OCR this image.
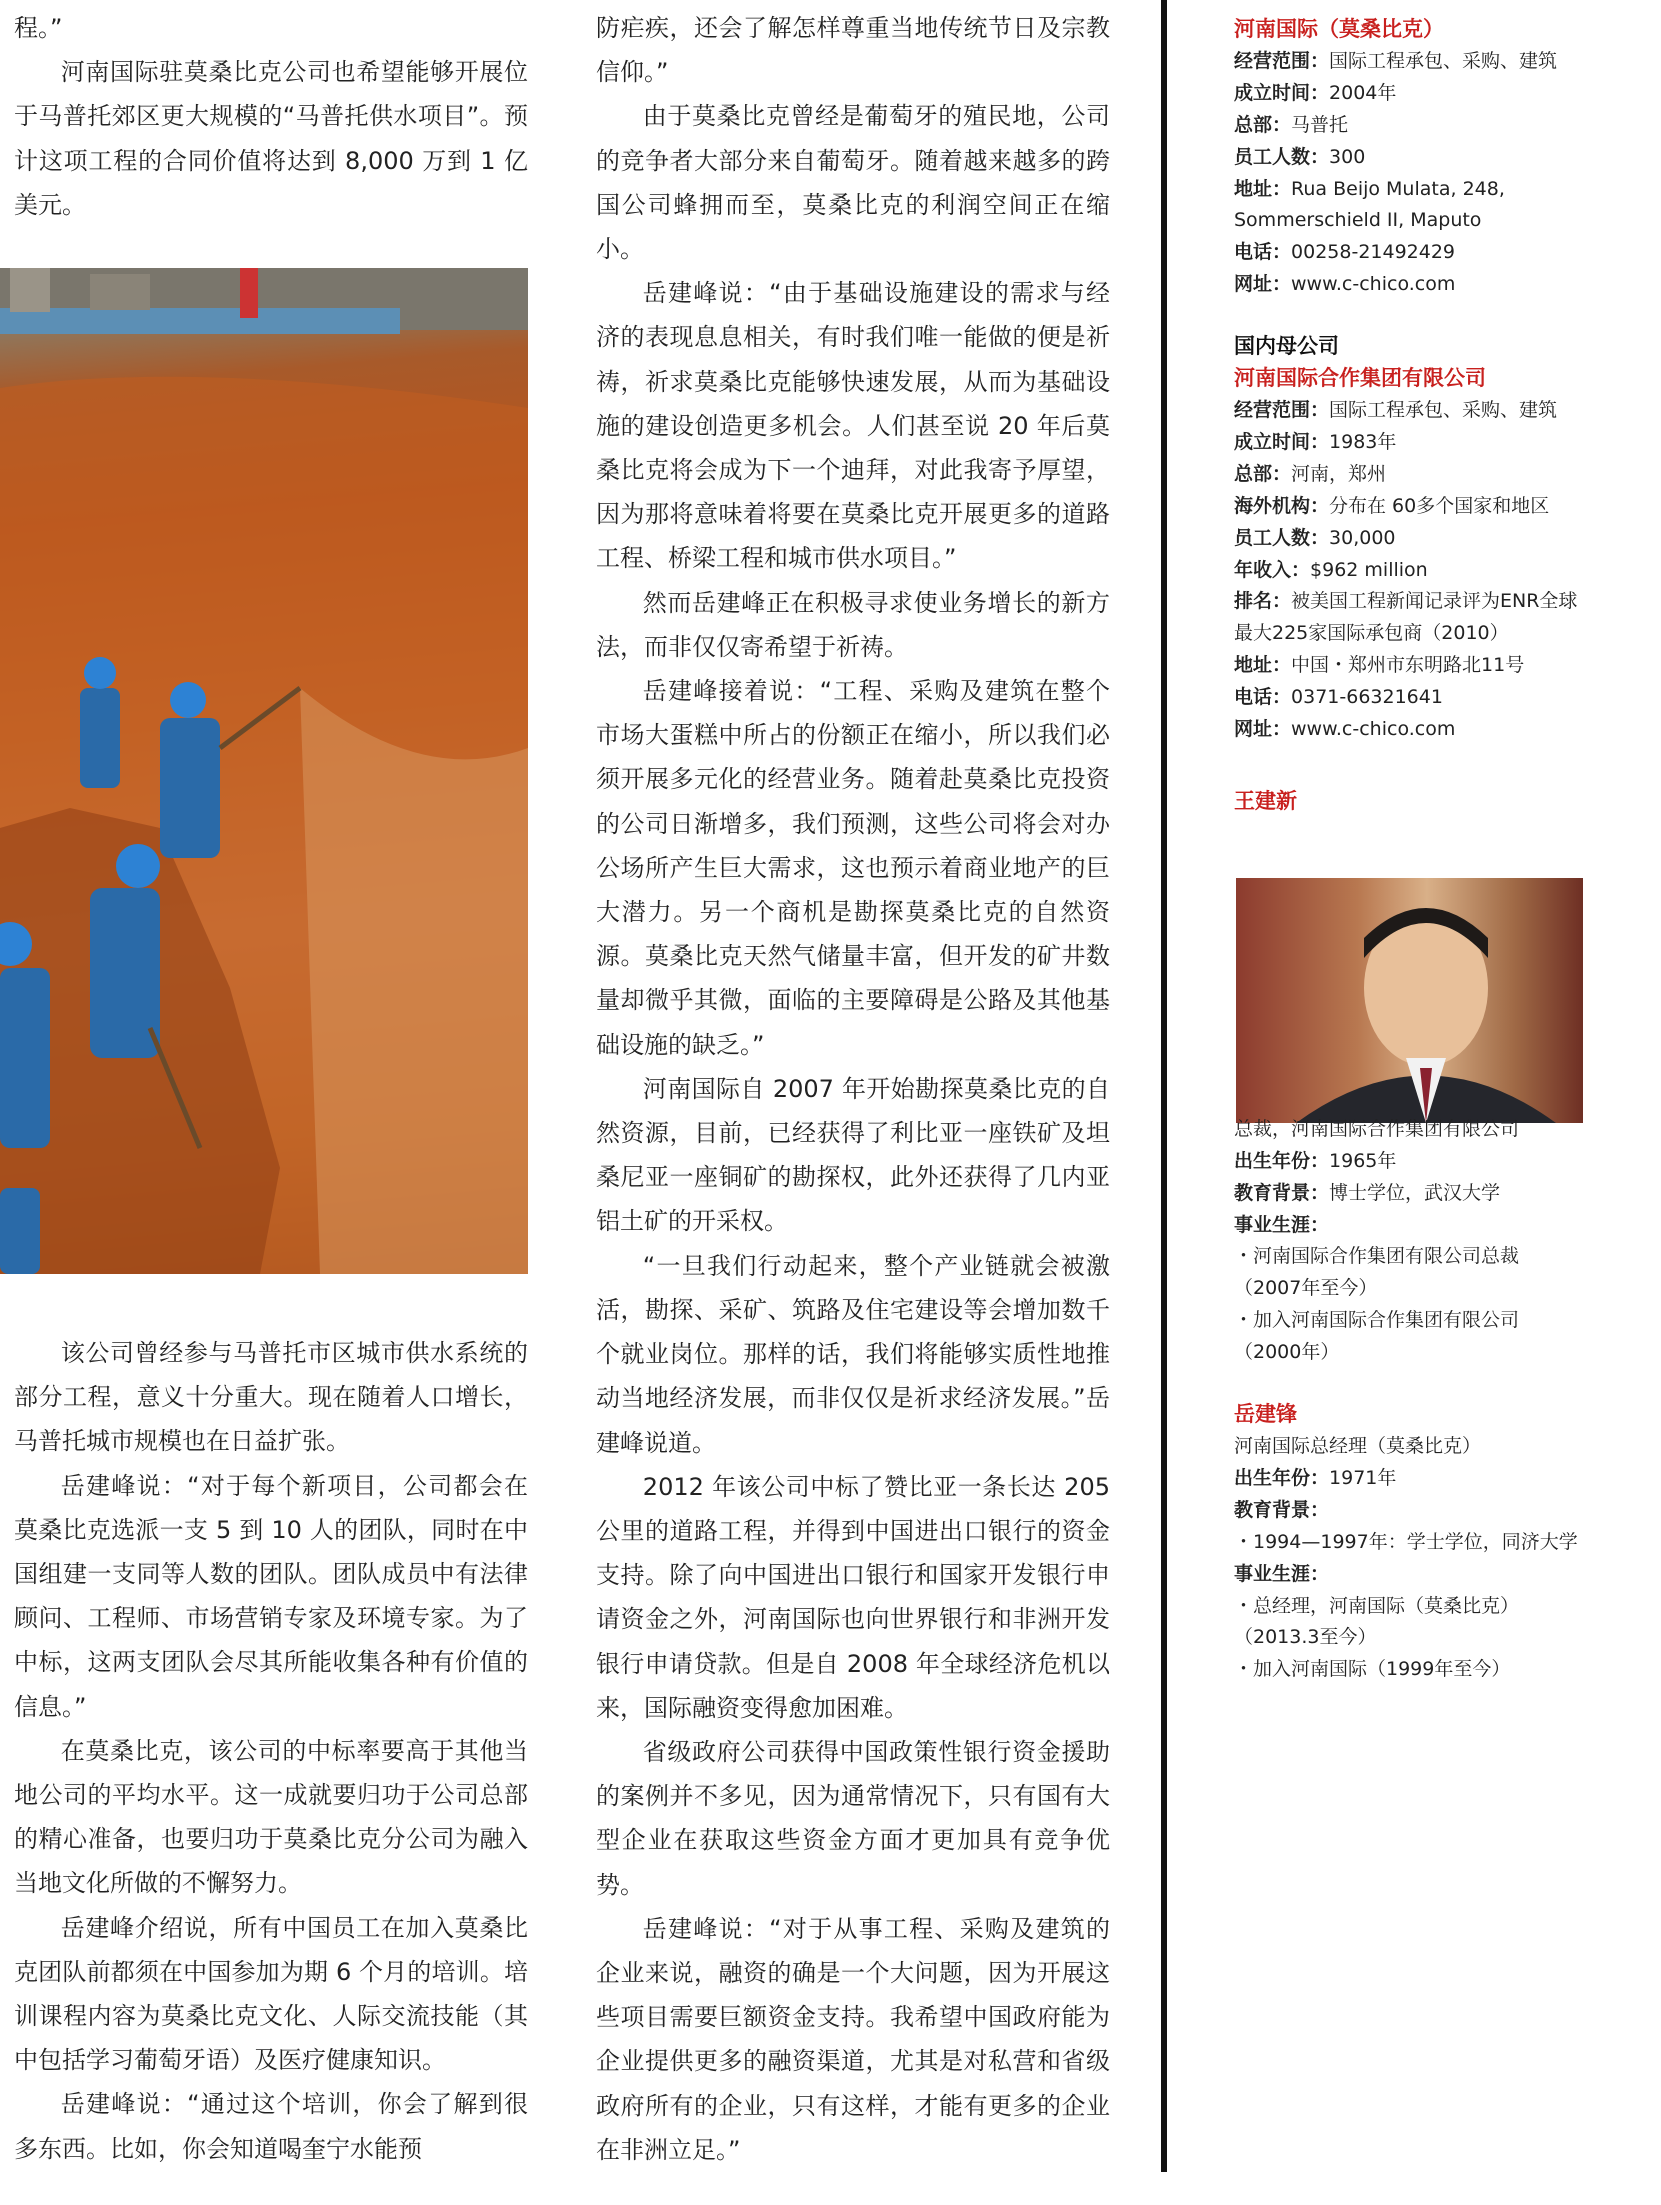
程。”

河南国际驻莫桑比克公司也希望能够开展位于马普托郊区更大规模的“马普托供水项目”。预计这项工程的合同价值将达到 8,000 万到 1 亿美元。

该公司曾经参与马普托市区城市供水系统的部分工程，意义十分重大。现在随着人口增长，马普托城市规模也在日益扩张。

岳建峰说：“对于每个新项目，公司都会在莫桑比克选派一支 5 到 10 人的团队，同时在中国组建一支同等人数的团队。团队成员中有法律顾问、工程师、市场营销专家及环境专家。为了中标，这两支团队会尽其所能收集各种有价值的信息。”

在莫桑比克，该公司的中标率要高于其他当地公司的平均水平。这一成就要归功于公司总部的精心准备，也要归功于莫桑比克分公司为融入当地文化所做的不懈努力。

岳建峰介绍说，所有中国员工在加入莫桑比克团队前都须在中国参加为期 6 个月的培训。培训课程内容为莫桑比克文化、人际交流技能（其中包括学习葡萄牙语）及医疗健康知识。

岳建峰说：“通过这个培训，你会了解到很多东西。比如，你会知道喝奎宁水能预

防疟疾，还会了解怎样尊重当地传统节日及宗教信仰。”

由于莫桑比克曾经是葡萄牙的殖民地，公司的竞争者大部分来自葡萄牙。随着越来越多的跨国公司蜂拥而至，莫桑比克的利润空间正在缩小。

岳建峰说：“由于基础设施建设的需求与经济的表现息息相关，有时我们唯一能做的便是祈祷，祈求莫桑比克能够快速发展，从而为基础设施的建设创造更多机会。人们甚至说 20 年后莫桑比克将会成为下一个迪拜，对此我寄予厚望，因为那将意味着将要在莫桑比克开展更多的道路工程、桥梁工程和城市供水项目。”

然而岳建峰正在积极寻求使业务增长的新方法，而非仅仅寄希望于祈祷。

岳建峰接着说：“工程、采购及建筑在整个市场大蛋糕中所占的份额正在缩小，所以我们必须开展多元化的经营业务。随着赴莫桑比克投资的公司日渐增多，我们预测，这些公司将会对办公场所产生巨大需求，这也预示着商业地产的巨大潜力。另一个商机是勘探莫桑比克的自然资源。莫桑比克天然气储量丰富，但开发的矿井数量却微乎其微，面临的主要障碍是公路及其他基础设施的缺乏。”

河南国际自 2007 年开始勘探莫桑比克的自然资源，目前，已经获得了利比亚一座铁矿及坦桑尼亚一座铜矿的勘探权，此外还获得了几内亚铝土矿的开采权。

“一旦我们行动起来，整个产业链就会被激活，勘探、采矿、筑路及住宅建设等会增加数千个就业岗位。那样的话，我们将能够实质性地推动当地经济发展，而非仅仅是祈求经济发展。”岳建峰说道。

2012 年该公司中标了赞比亚一条长达 205 公里的道路工程，并得到中国进出口银行的资金支持。除了向中国进出口银行和国家开发银行申请资金之外，河南国际也向世界银行和非洲开发银行申请贷款。但是自 2008 年全球经济危机以来，国际融资变得愈加困难。

省级政府公司获得中国政策性银行资金援助的案例并不多见，因为通常情况下，只有国有大型企业在获取这些资金方面才更加具有竞争优势。

岳建峰说：“对于从事工程、采购及建筑的企业来说，融资的确是一个大问题，因为开展这些项目需要巨额资金支持。我希望中国政府能为企业提供更多的融资渠道，尤其是对私营和省级政府所有的企业，只有这样，才能有更多的企业在非洲立足。”

河南国际（莫桑比克）

经营范围：国际工程承包、采购、建筑

成立时间：2004年

总部：马普托

员工人数：300

地址：Rua Beijo Mulata, 248, Sommerschield II, Maputo

电话：00258-21492429

网址：www.c-chico.com

国内母公司

河南国际合作集团有限公司

经营范围：国际工程承包、采购、建筑

成立时间：1983年

总部：河南，郑州

海外机构：分布在 60多个国家和地区

员工人数：30,000

年收入：$962 million

排名：被美国工程新闻记录评为ENR全球最大225家国际承包商（2010）

地址：中国・郑州市东明路北11号

电话：0371-66321641

网址：www.c-chico.com

王建新

总裁，河南国际合作集团有限公司

出生年份：1965年

教育背景：博士学位，武汉大学

事业生涯：

・河南国际合作集团有限公司总裁（2007年至今）

・加入河南国际合作集团有限公司（2000年）

岳建锋

河南国际总经理（莫桑比克）

出生年份：1971年

教育背景：

・1994—1997年：学士学位，同济大学

事业生涯：

・总经理，河南国际（莫桑比克）（2013.3至今）

・加入河南国际（1999年至今）
